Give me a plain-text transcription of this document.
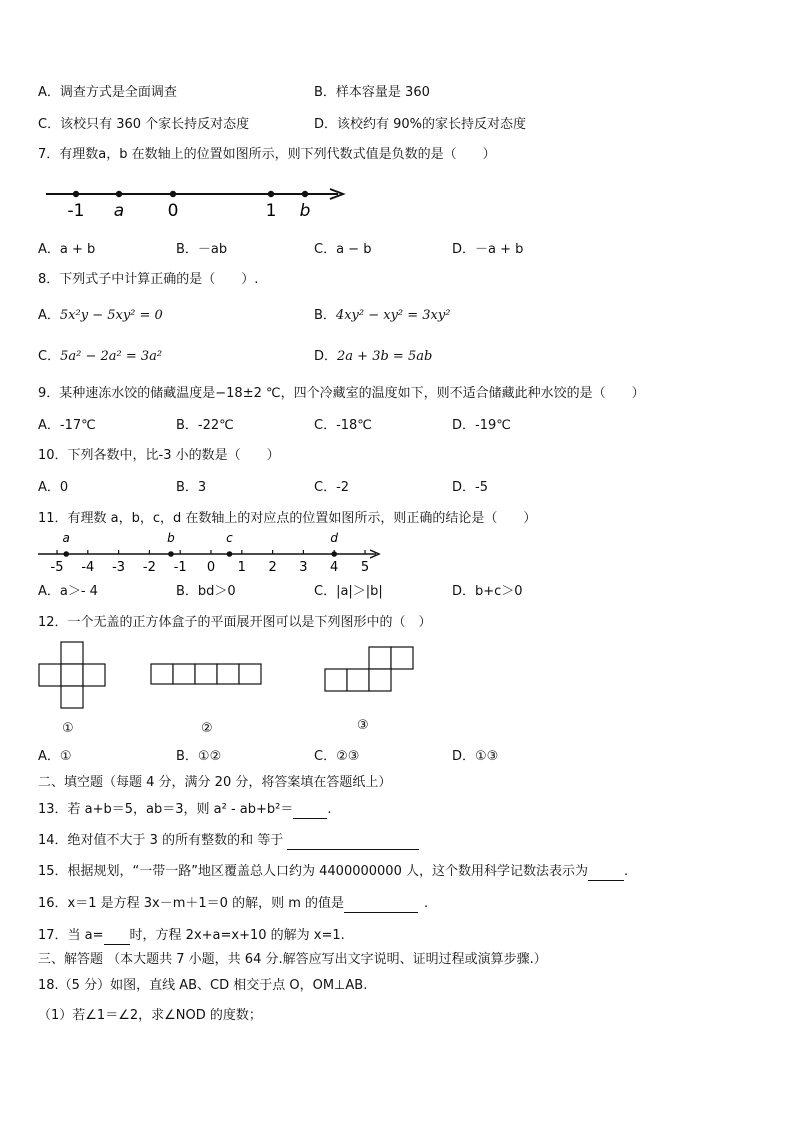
A．调查方式是全面调查	B．样本容量是 360
C．该校只有 360 个家长持反对态度	D．该校约有 90%的家长持反对态度
7．有理数a，b 在数轴上的位置如图所示，则下列代数式值是负数的是（　　）
-1 a	0	1 b
A．a + b	B．－ab	C．a − b	D．－a + b
8．下列式子中计算正确的是（　　）.
A．5x²y − 5xy² = 0	B．4xy² − xy² = 3xy²
C．5a² − 2a² = 3a²	D．2a + 3b = 5ab
9．某种速冻水饺的储藏温度是−18±2 ℃，四个冷藏室的温度如下，则不适合储藏此种水饺的是（　　）
A．-17℃	B．-22℃	C．-18℃	D．-19℃
10．下列各数中，比-3 小的数是（　　）
A．0	B．3	C．-2	D．-5
11．有理数 a，b，c，d 在数轴上的对应点的位置如图所示，则正确的结论是（　　）
-5 -4 -3 -2 -1 0 1 2 3 4 5
a	b	c	d
A．a＞- 4	B．bd＞0	C．|a|＞|b|	D．b+c＞0
12．一个无盖的正方体盒子的平面展开图可以是下列图形中的（　）
①	②	③
A．①	B．①②	C．②③	D．①③
二、填空题（每题 4 分，满分 20 分，将答案填在答题纸上）
13．若 a+b＝5，ab＝3，则 a² - ab+b²＝	.
14．绝对值不大于 3 的所有整数的和 等于
15．根据规划，“一带一路”地区覆盖总人口约为 4400000000 人，这个数用科学记数法表示为	.
16．x＝1 是方程 3x－m＋1＝0 的解，则 m 的值是	.
17．当 a= 时，方程 2x+a=x+10 的解为 x=1.
三、解答题 （本大题共 7 小题，共 64 分.解答应写出文字说明、证明过程或演算步骤.）
18.（5 分）如图，直线 AB、CD 相交于点 O，OM⊥AB.
（1）若∠1＝∠2，求∠NOD 的度数；
